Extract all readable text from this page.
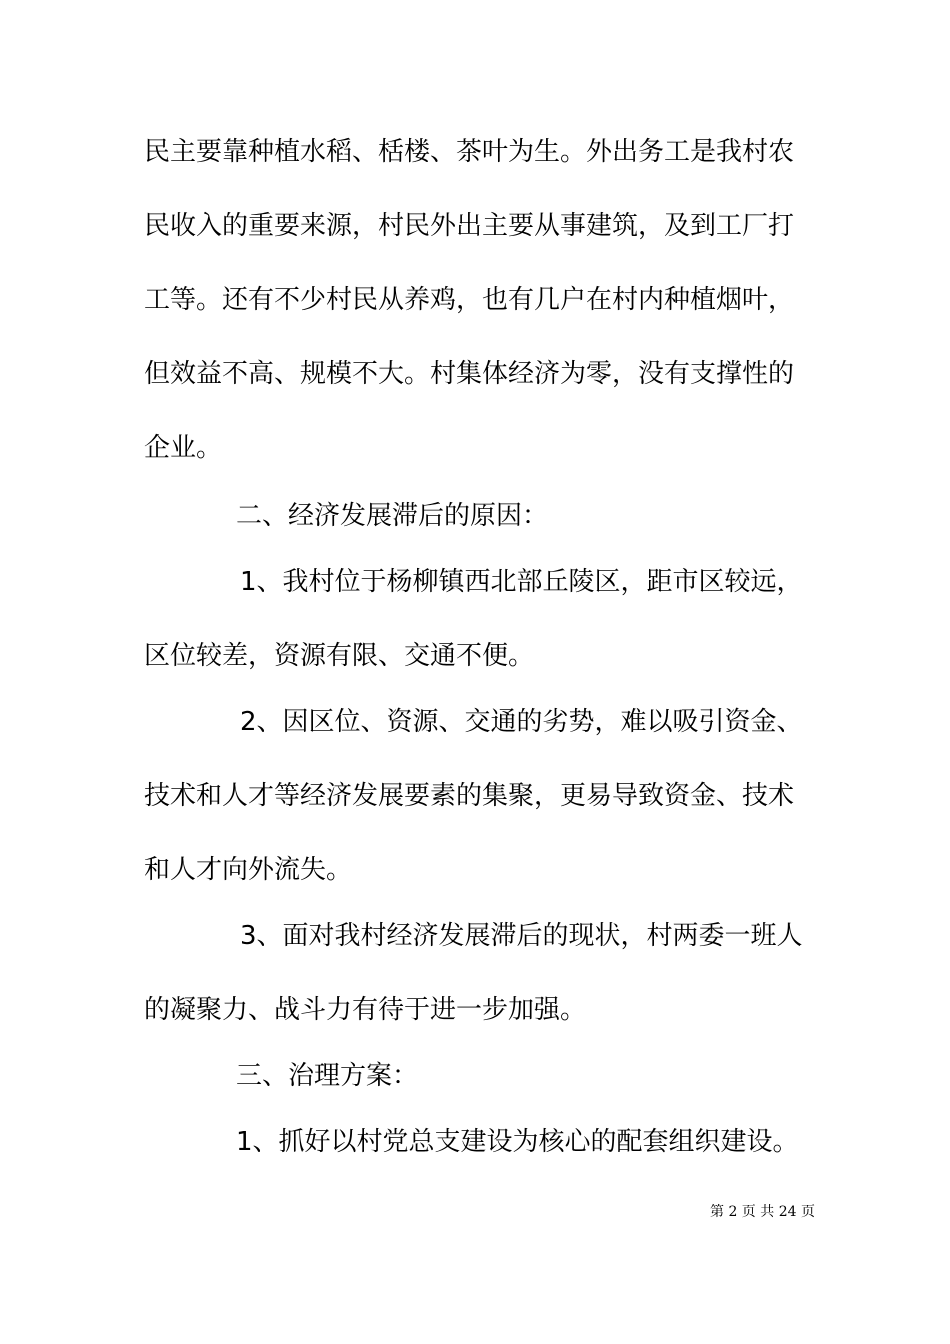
民主要靠种植水稻、栝楼、茶叶为生。外出务工是我村农
民收入的重要来源，村民外出主要从事建筑，及到工厂打
工等。还有不少村民从养鸡，也有几户在村内种植烟叶，
但效益不高、规模不大。村集体经济为零，没有支撑性的
企业。
二、经济发展滞后的原因：
1、我村位于杨柳镇西北部丘陵区，距市区较远，
区位较差，资源有限、交通不便。
2、因区位、资源、交通的劣势，难以吸引资金、
技术和人才等经济发展要素的集聚，更易导致资金、技术
和人才向外流失。
3、面对我村经济发展滞后的现状，村两委一班人
的凝聚力、战斗力有待于进一步加强。
三、治理方案：
1、抓好以村党总支建设为核心的配套组织建设。
第 2 页 共 24 页
